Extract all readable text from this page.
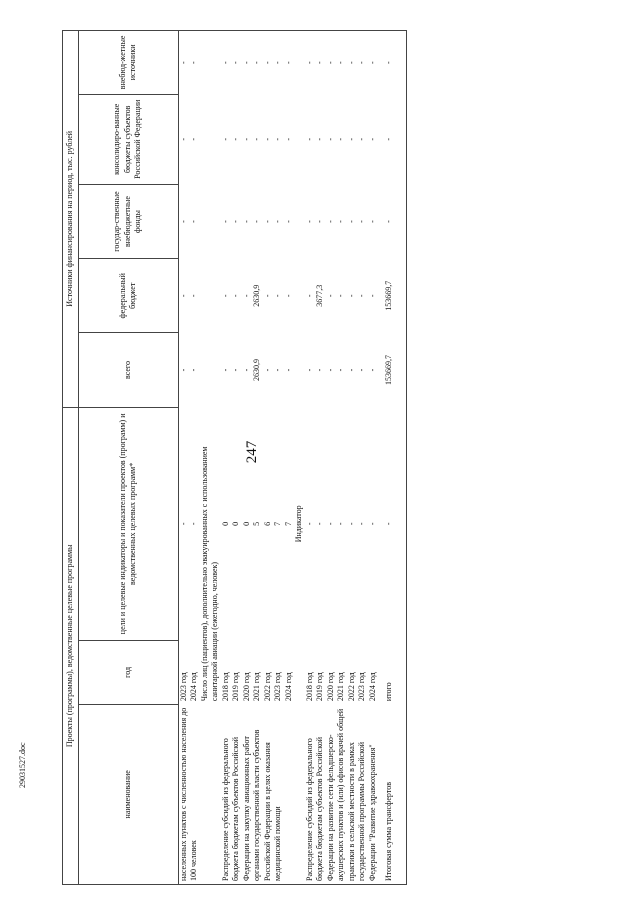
247
29031527.doc
Проекты (программы), ведомственные целевые программы			Источники финансирования на период, тыс. рублей				
наименование	год	цели и целевые индикаторы и показатели проектов (программ) и ведомственных целевых программ*	всего	федеральный бюджет	государ-ственные внебюджетные фонды	консолидиро-ванные бюджеты субъектов Российской Федерации	внебюд-жетные источники
населенных пунктов с численностью населения до 100 человек	2023 год	-	-	-	-	-	-
	2024 год	-	-	-	-	-	-
	Число лиц (пациентов), дополнительно эвакуированных с использованием санитарной авиации (ежегодно, человек)						
Распределение субсидий из федерального бюджета бюджетам субъектов Российской Федерации на закупку авиационных работ органами государственной власти субъектов Российской Федерации в целях оказания медицинской помощи	2018 год	0	-	-	-	-	-
	2019 год	0	-	-	-	-	-
	2020 год	0	-	-	-	-	-
	2021 год	5	2630,9	2630,9	-	-	-
	2022 год	6	-	-	-	-	-
	2023 год	7	-	-	-	-	-
	2024 год	7	-	-	-	-	-
		Индикатор					
Распределение субсидий из федерального бюджета бюджетам субъектов Российской Федерации на развитие сети фельдшерско-акушерских пунктов и (или) офисов врачей общей практики в сельской местности в рамках государственной программы Российской Федерации "Развитие здравоохранения"	2018 год	-	-	-	-	-	-
	2019 год	-	-	3677,3	-	-	-
	2020 год	-	-	-	-	-	-
	2021 год	-	-	-	-	-	-
	2022 год	-	-	-	-	-	-
	2023 год	-	-	-	-	-	-
	2024 год	-	-	-	-	-	-

Итоговая сумма трансфертов	итого	-	153669,7	153669,7	-	-	-
